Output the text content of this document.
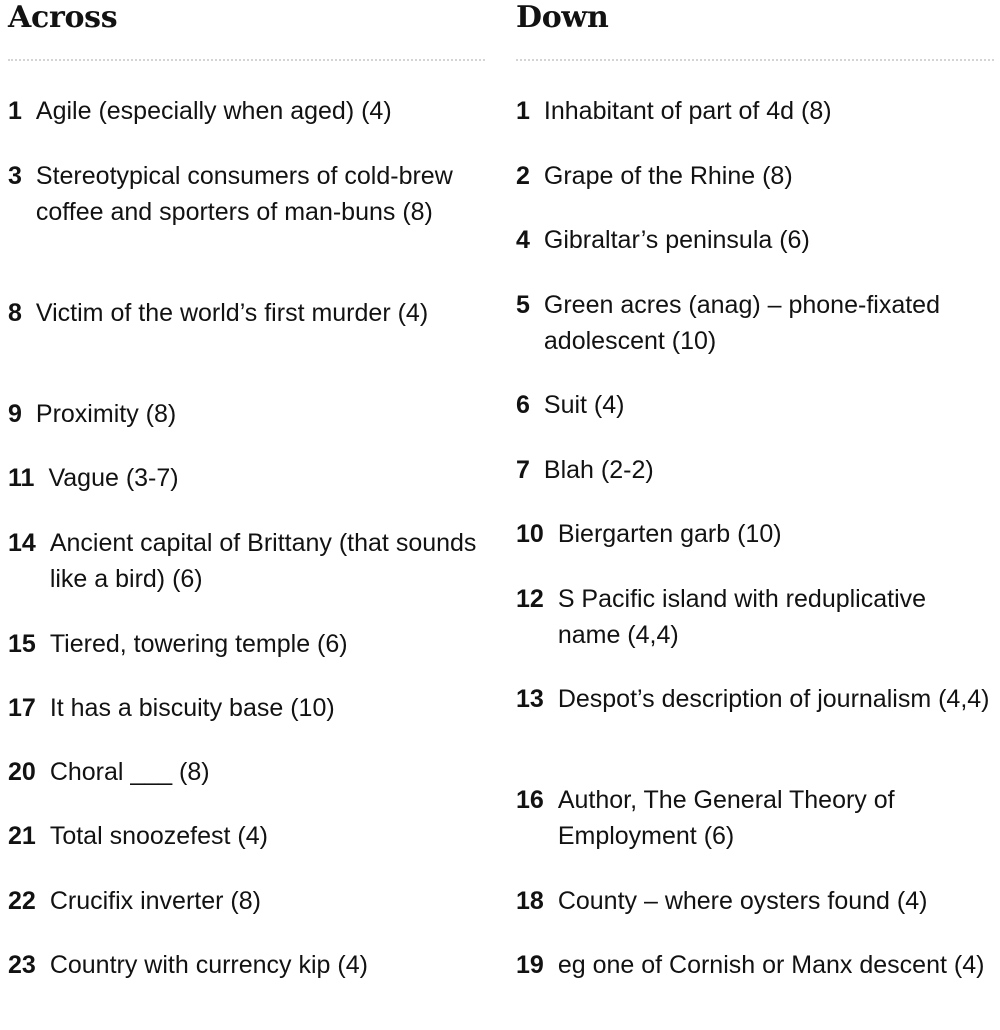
Across
1 Agile (especially when aged) (4)
3 Stereotypical consumers of cold-brew coffee and sporters of man-buns (8)
8 Victim of the world’s first murder (4)
9 Proximity (8)
11 Vague (3-7)
14 Ancient capital of Brittany (that sounds like a bird) (6)
15 Tiered, towering temple (6)
17 It has a biscuity base (10)
20 Choral ___ (8)
21 Total snoozefest (4)
22 Crucifix inverter (8)
23 Country with currency kip (4)
Down
1 Inhabitant of part of 4d (8)
2 Grape of the Rhine (8)
4 Gibraltar’s peninsula (6)
5 Green acres (anag) – phone-fixated adolescent (10)
6 Suit (4)
7 Blah (2-2)
10 Biergarten garb (10)
12 S Pacific island with reduplicative name (4,4)
13 Despot’s description of journalism (4,4)
16 Author, The General Theory of Employment (6)
18 County – where oysters found (4)
19 eg one of Cornish or Manx descent (4)
